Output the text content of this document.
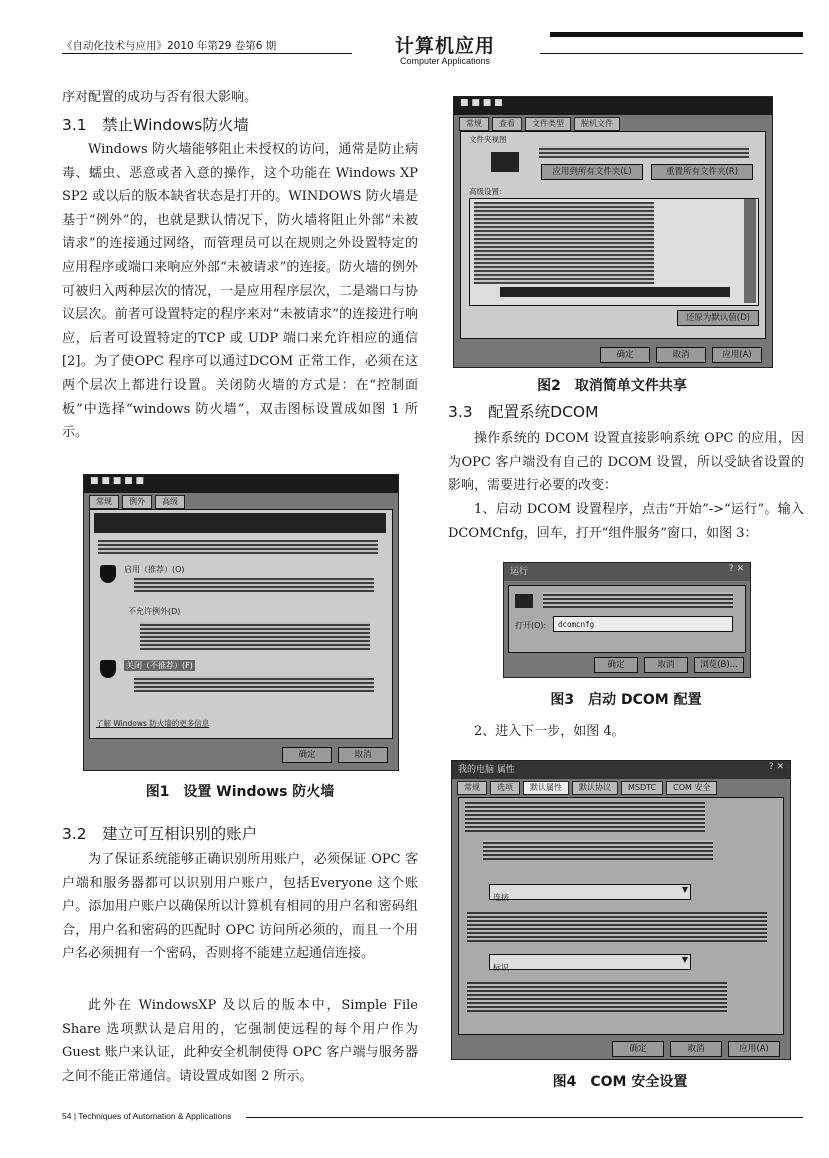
《自动化技术与应用》2010 年第29 卷第6 期	计算机应用
Computer Applications
序对配置的成功与否有很大影响。
3.1　禁止Windows防火墙
Windows 防火墙能够阻止未授权的访问，通常是防止病毒、蠕虫、恶意或者入意的操作，这个功能在 Windows XP SP2 或以后的版本缺省状态是打开的。WINDOWS 防火墙是基于“例外”的，也就是默认情况下，防火墙将阻止外部“未被请求”的连接通过网络，而管理员可以在规则之外设置特定的应用程序或端口来响应外部“未被请求”的连接。防火墙的例外可被归入两种层次的情况，一是应用程序层次，二是端口与协议层次。前者可设置特定的程序来对“未被请求”的连接进行响应，后者可设置特定的TCP 或 UDP 端口来允许相应的通信[2]。为了使OPC 程序可以通过DCOM 正常工作，必须在这两个层次上都进行设置。关闭防火墙的方式是：在“控制面板”中选择“windows 防火墙”，双击图标设置成如图 1 所示。
■ ■ ■ ■ ■
常规	例外	高级
启用（推荐）(O)
不允许例外(D)
关闭（不推荐）(F)
了解 Windows 防火墙的更多信息
确定	取消
图1　设置 Windows 防火墙
3.2　建立可互相识别的账户
为了保证系统能够正确识别所用账户，必须保证 OPC 客户端和服务器都可以识别用户账户，包括Everyone 这个账户。添加用户账户以确保所以计算机有相同的用户名和密码组合，用户名和密码的匹配时 OPC 访问所必须的，而且一个用户名必须拥有一个密码，否则将不能建立起通信连接。
此外在 WindowsXP 及以后的版本中，Simple File Share 选项默认是启用的，它强制使远程的每个用户作为Guest 账户来认证，此种安全机制使得 OPC 客户端与服务器之间不能正常通信。请设置成如图 2 所示。
■ ■ ■ ■
常规	查看	文件类型	脱机文件
文件夹视图
应用到所有文件夹(L)	重置所有文件夹(R)
高级设置：
还原为默认值(D)
确定	取消	应用(A)
图2　取消简单文件共享
3.3　配置系统DCOM
操作系统的 DCOM 设置直接影响系统 OPC 的应用，因为OPC 客户端没有自己的 DCOM 设置，所以受缺省设置的影响，需要进行必要的改变：
1、启动 DCOM 设置程序，点击“开始”->“运行”。输入DCOMCnfg，回车，打开“组件服务”窗口，如图 3：
运行	? ✕
打开(O):	dcomcnfg
确定	取消	浏览(B)...
图3　启动 DCOM 配置
2、进入下一步，如图 4。
我的电脑 属性	? ✕
常规	选项	默认属性	默认协议	MSDTC	COM 安全
连接
▼
标识
▼
确定	取消	应用(A)
图4　COM 安全设置
54 | Techniques of Automation & Applications
